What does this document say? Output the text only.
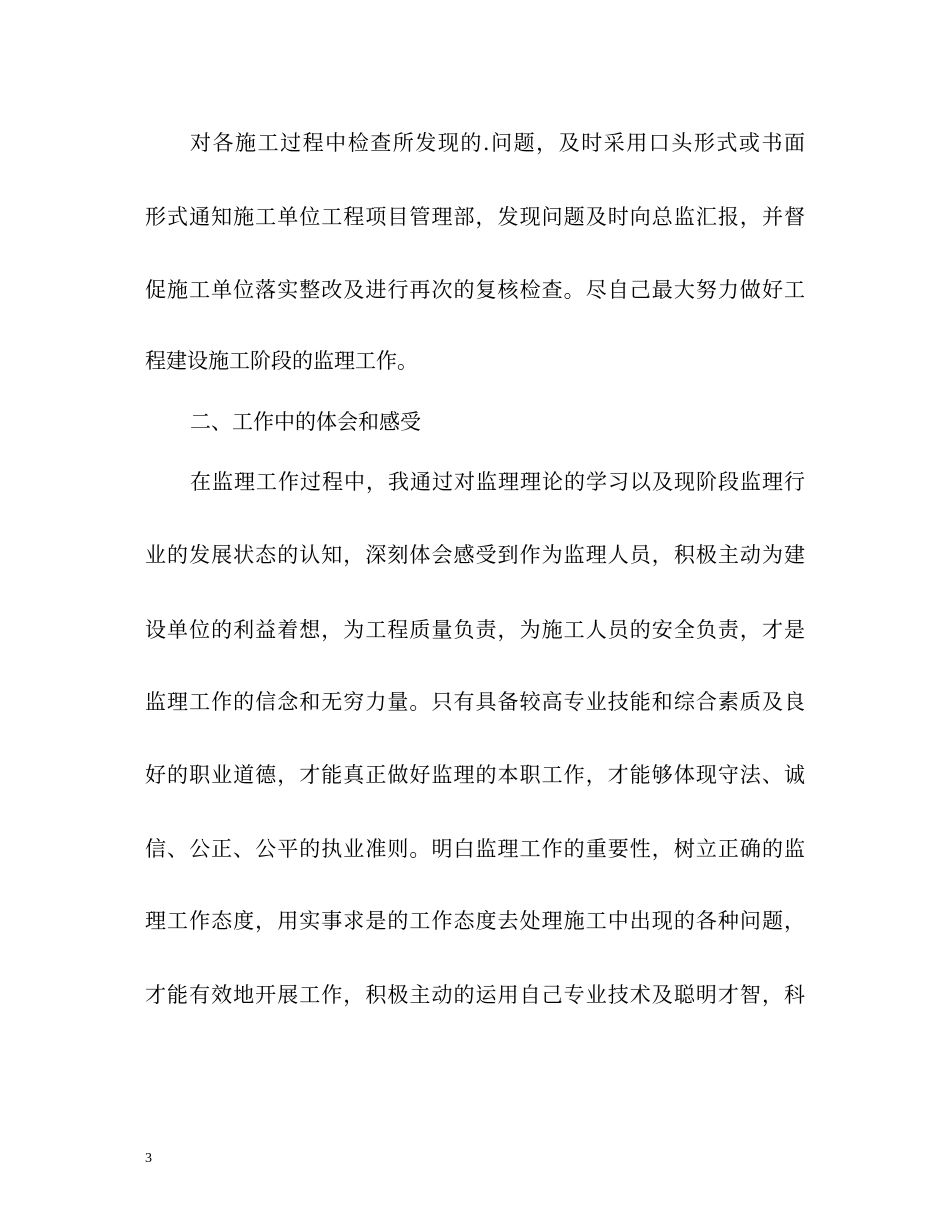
对各施工过程中检查所发现的.问题，及时采用口头形式或书面
形式通知施工单位工程项目管理部，发现问题及时向总监汇报，并督
促施工单位落实整改及进行再次的复核检查。尽自己最大努力做好工
程建设施工阶段的监理工作。
二、工作中的体会和感受
在监理工作过程中，我通过对监理理论的学习以及现阶段监理行
业的发展状态的认知，深刻体会感受到作为监理人员，积极主动为建
设单位的利益着想，为工程质量负责，为施工人员的安全负责，才是
监理工作的信念和无穷力量。只有具备较高专业技能和综合素质及良
好的职业道德，才能真正做好监理的本职工作，才能够体现守法、诚
信、公正、公平的执业准则。明白监理工作的重要性，树立正确的监
理工作态度，用实事求是的工作态度去处理施工中出现的各种问题，
才能有效地开展工作，积极主动的运用自己专业技术及聪明才智，科
3
